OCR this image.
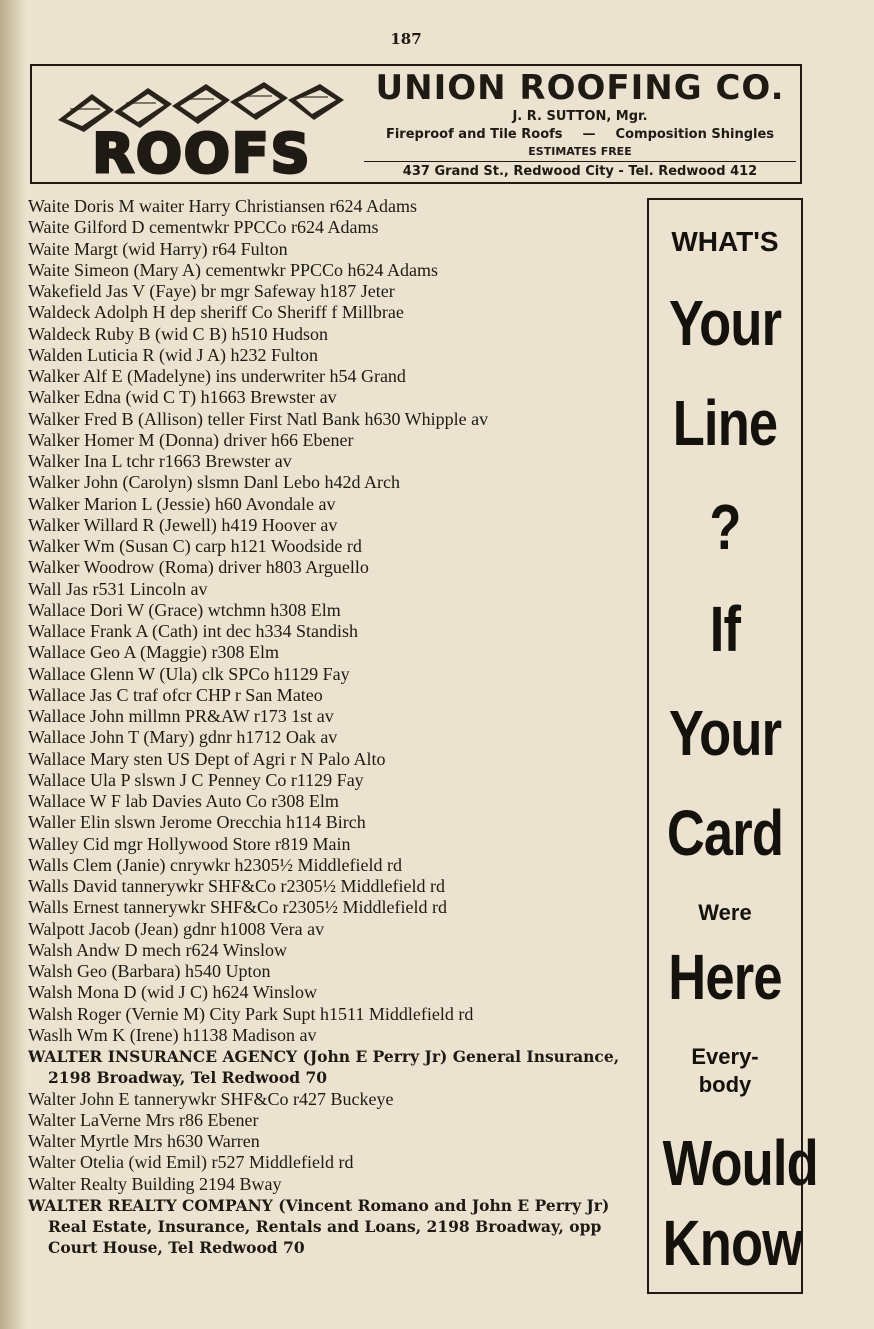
187
ROOFS
UNION ROOFING CO.
J. R. SUTTON, Mgr.
Fireproof and Tile Roofs — Composition Shingles
ESTIMATES FREE
437 Grand St., Redwood City - Tel. Redwood 412
Waite Doris M waiter Harry Christiansen r624 Adams
Waite Gilford D cementwkr PPCCo r624 Adams
Waite Margt (wid Harry) r64 Fulton
Waite Simeon (Mary A) cementwkr PPCCo h624 Adams
Wakefield Jas V (Faye) br mgr Safeway h187 Jeter
Waldeck Adolph H dep sheriff Co Sheriff f Millbrae
Waldeck Ruby B (wid C B) h510 Hudson
Walden Luticia R (wid J A) h232 Fulton
Walker Alf E (Madelyne) ins underwriter h54 Grand
Walker Edna (wid C T) h1663 Brewster av
Walker Fred B (Allison) teller First Natl Bank h630 Whipple av
Walker Homer M (Donna) driver h66 Ebener
Walker Ina L tchr r1663 Brewster av
Walker John (Carolyn) slsmn Danl Lebo h42d Arch
Walker Marion L (Jessie) h60 Avondale av
Walker Willard R (Jewell) h419 Hoover av
Walker Wm (Susan C) carp h121 Woodside rd
Walker Woodrow (Roma) driver h803 Arguello
Wall Jas r531 Lincoln av
Wallace Dori W (Grace) wtchmn h308 Elm
Wallace Frank A (Cath) int dec h334 Standish
Wallace Geo A (Maggie) r308 Elm
Wallace Glenn W (Ula) clk SPCo h1129 Fay
Wallace Jas C traf ofcr CHP r San Mateo
Wallace John millmn PR&AW r173 1st av
Wallace John T (Mary) gdnr h1712 Oak av
Wallace Mary sten US Dept of Agri r N Palo Alto
Wallace Ula P slswn J C Penney Co r1129 Fay
Wallace W F lab Davies Auto Co r308 Elm
Waller Elin slswn Jerome Orecchia h114 Birch
Walley Cid mgr Hollywood Store r819 Main
Walls Clem (Janie) cnrywkr h2305½ Middlefield rd
Walls David tannerywkr SHF&Co r2305½ Middlefield rd
Walls Ernest tannerywkr SHF&Co r2305½ Middlefield rd
Walpott Jacob (Jean) gdnr h1008 Vera av
Walsh Andw D mech r624 Winslow
Walsh Geo (Barbara) h540 Upton
Walsh Mona D (wid J C) h624 Winslow
Walsh Roger (Vernie M) City Park Supt h1511 Middlefield rd
Waslh Wm K (Irene) h1138 Madison av
WALTER INSURANCE AGENCY (John E Perry Jr) General Insurance, 2198 Broadway, Tel Redwood 70
Walter John E tannerywkr SHF&Co r427 Buckeye
Walter LaVerne Mrs r86 Ebener
Walter Myrtle Mrs h630 Warren
Walter Otelia (wid Emil) r527 Middlefield rd
Walter Realty Building 2194 Bway
WALTER REALTY COMPANY (Vincent Romano and John E Perry Jr) Real Estate, Insurance, Rentals and Loans, 2198 Broadway, opp Court House, Tel Redwood 70
WHAT'S
Your
Line
?
If
Your
Card
Were
Here
Every-
body
Would
Know
